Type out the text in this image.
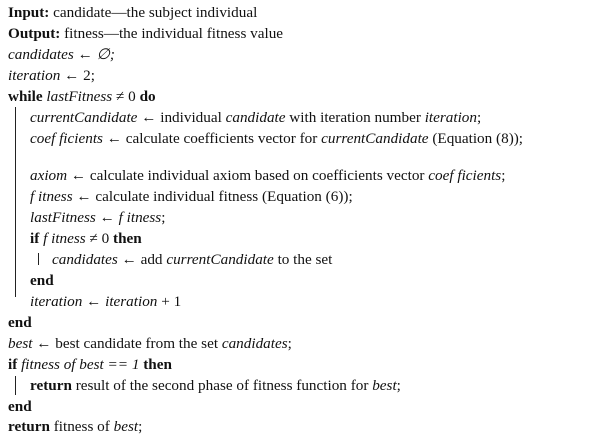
Input: candidate—the subject individual
Output: fitness—the individual fitness value
candidates ← ∅;
iteration ← 2;
while lastFitness ≠ 0 do
currentCandidate ← individual candidate with iteration number iteration;
coef ficients ← calculate coefficients vector for currentCandidate (Equation (8));
axiom ← calculate individual axiom based on coefficients vector coef ficients;
f itness ← calculate individual fitness (Equation (6));
lastFitness ← f itness;
if f itness ≠ 0 then
candidates ← add currentCandidate to the set
end
iteration ← iteration + 1
end
best ← best candidate from the set candidates;
if fitness of best == 1 then
return result of the second phase of fitness function for best;
end
return fitness of best;
